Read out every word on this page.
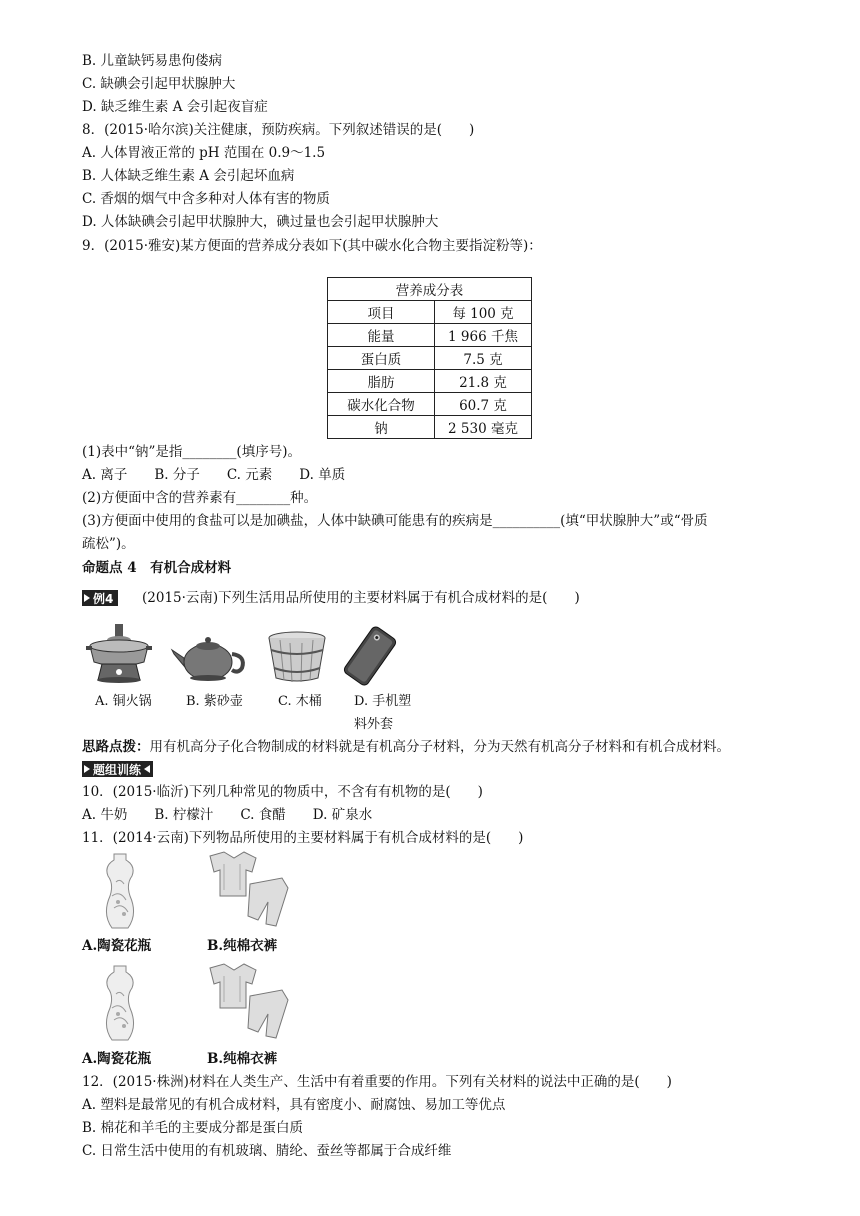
B. 儿童缺钙易患佝偻病
C. 缺碘会引起甲状腺肿大
D. 缺乏维生素 A 会引起夜盲症
8．(2015·哈尔滨)关注健康，预防疾病。下列叙述错误的是(　　)
A. 人体胃液正常的 pH 范围在 0.9～1.5
B. 人体缺乏维生素 A 会引起坏血病
C. 香烟的烟气中含多种对人体有害的物质
D. 人体缺碘会引起甲状腺肿大，碘过量也会引起甲状腺肿大
9．(2015·雅安)某方便面的营养成分表如下(其中碳水化合物主要指淀粉等)：
营养成分表	
项目	每 100 克
能量	1 966 千焦
蛋白质	7.5 克
脂肪	21.8 克
碳水化合物	60.7 克
钠	2 530 毫克
(1)表中“钠”是指________(填序号)。
A. 离子　　B. 分子　　C. 元素　　D. 单质
(2)方便面中含的营养素有________种。
(3)方便面中使用的食盐可以是加碘盐，人体中缺碘可能患有的疾病是__________(填“甲状腺肿大”或“骨质
疏松”)。
命题点 4　有机合成材料
例4 (2015·云南)下列生活用品所使用的主要材料属于有机合成材料的是(　　)
A. 铜火锅	B. 紫砂壶	C. 木桶 D. 手机塑
料外套
思路点拨：用有机高分子化合物制成的材料就是有机高分子材料，分为天然有机高分子材料和有机合成材料。
题组训练
10．(2015·临沂)下列几种常见的物质中，不含有有机物的是(　　)
A. 牛奶　　B. 柠檬汁　　C. 食醋　　D. 矿泉水
11．(2014·云南)下列物品所使用的主要材料属于有机合成材料的是(　　)
A.陶瓷花瓶	B.纯棉衣裤
A.陶瓷花瓶	B.纯棉衣裤
12．(2015·株洲)材料在人类生产、生活中有着重要的作用。下列有关材料的说法中正确的是(　　)
A. 塑料是最常见的有机合成材料，具有密度小、耐腐蚀、易加工等优点
B. 棉花和羊毛的主要成分都是蛋白质
C. 日常生活中使用的有机玻璃、腈纶、蚕丝等都属于合成纤维
